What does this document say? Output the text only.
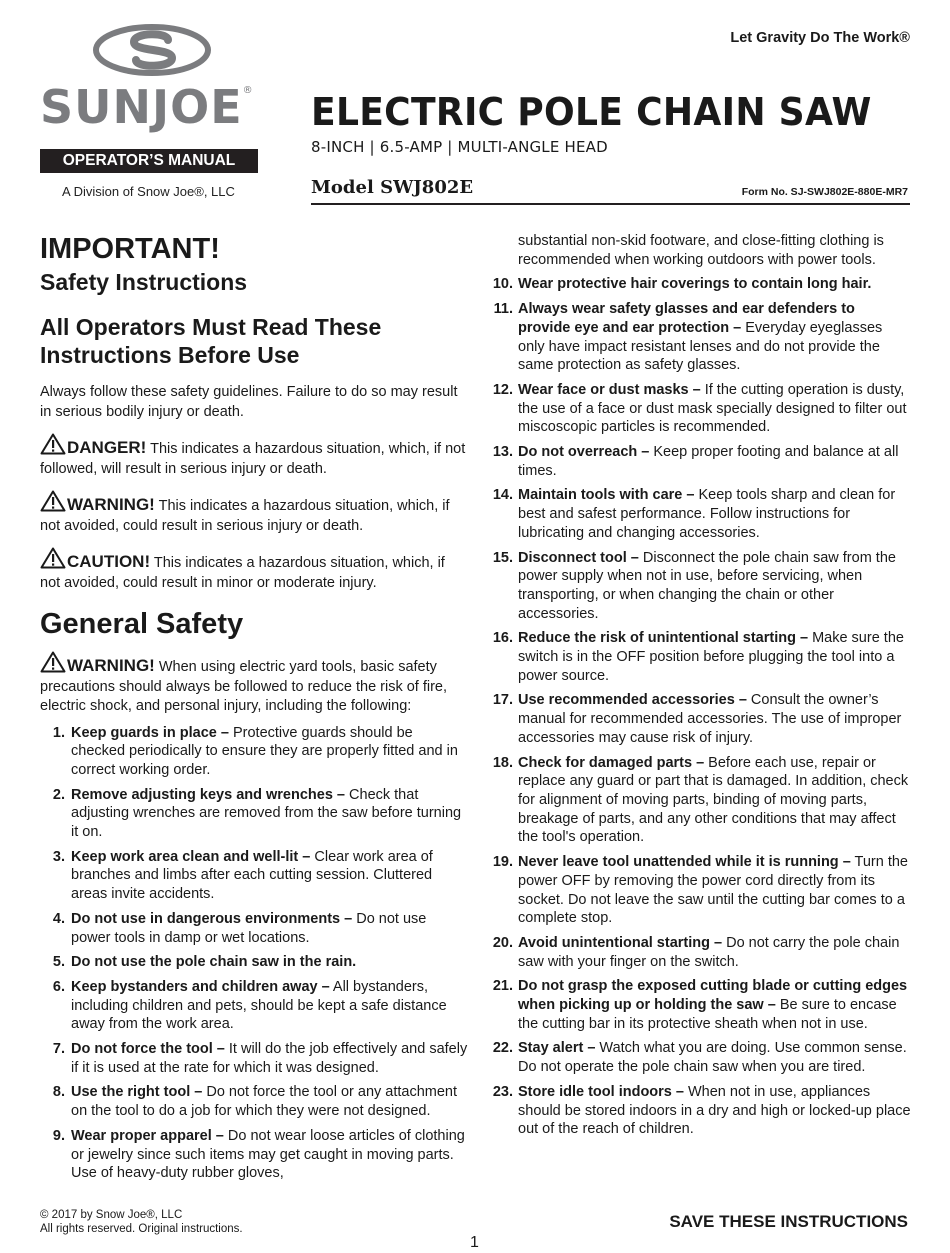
SUNJOE®
OPERATOR’S MANUAL
A Division of Snow Joe®, LLC
Let Gravity Do The Work®
ELECTRIC POLE CHAIN SAW
8-INCH | 6.5-AMP | MULTI-ANGLE HEAD
Model SWJ802E	Form No. SJ-SWJ802E-880E-MR7
IMPORTANT!
Safety Instructions
All Operators Must Read These Instructions Before Use

Always follow these safety guidelines. Failure to do so may result in serious bodily injury or death.

DANGER! This indicates a hazardous situation, which, if not followed, will result in serious injury or death.
WARNING! This indicates a hazardous situation, which, if not avoided, could result in serious injury or death.
CAUTION! This indicates a hazardous situation, which, if not avoided, could result in minor or moderate injury.
General Safety
WARNING! When using electric yard tools, basic safety precautions should always be followed to reduce the risk of fire, electric shock, and personal injury, including the following:
1. Keep guards in place – Protective guards should be checked periodically to ensure they are properly fitted and in correct working order.
2. Remove adjusting keys and wrenches – Check that adjusting wrenches are removed from the saw before turning it on.
3. Keep work area clean and well-lit – Clear work area of branches and limbs after each cutting session. Cluttered areas invite accidents.
4. Do not use in dangerous environments – Do not use power tools in damp or wet locations.
5. Do not use the pole chain saw in the rain.
6. Keep bystanders and children away – All bystanders, including children and pets, should be kept a safe distance away from the work area.
7. Do not force the tool – It will do the job effectively and safely if it is used at the rate for which it was designed.
8. Use the right tool – Do not force the tool or any attachment on the tool to do a job for which they were not designed.
9. Wear proper apparel – Do not wear loose articles of clothing or jewelry since such items may get caught in moving parts. Use of heavy-duty rubber gloves,

substantial non-skid footware, and close-fitting clothing is recommended when working outdoors with power tools.

10. Wear protective hair coverings to contain long hair.
11. Always wear safety glasses and ear defenders to provide eye and ear protection – Everyday eyeglasses only have impact resistant lenses and do not provide the same protection as safety glasses.
12. Wear face or dust masks – If the cutting operation is dusty, the use of a face or dust mask specially designed to filter out miscoscopic particles is recommended.
13. Do not overreach – Keep proper footing and balance at all times.
14. Maintain tools with care – Keep tools sharp and clean for best and safest performance. Follow instructions for lubricating and changing accessories.
15. Disconnect tool – Disconnect the pole chain saw from the power supply when not in use, before servicing, when transporting, or when changing the chain or other accessories.
16. Reduce the risk of unintentional starting – Make sure the switch is in the OFF position before plugging the tool into a power source.
17. Use recommended accessories – Consult the owner’s manual for recommended accessories. The use of improper accessories may cause risk of injury.
18. Check for damaged parts – Before each use, repair or replace any guard or part that is damaged. In addition, check for alignment of moving parts, binding of moving parts, breakage of parts, and any other conditions that may affect the tool's operation.
19. Never leave tool unattended while it is running – Turn the power OFF by removing the power cord directly from its socket. Do not leave the saw until the cutting bar comes to a complete stop.
20. Avoid unintentional starting – Do not carry the pole chain saw with your finger on the switch.
21. Do not grasp the exposed cutting blade or cutting edges when picking up or holding the saw – Be sure to encase the cutting bar in its protective sheath when not in use.
22. Stay alert – Watch what you are doing. Use common sense. Do not operate the pole chain saw when you are tired.
23. Store idle tool indoors – When not in use, appliances should be stored indoors in a dry and high or locked-up place out of the reach of children.
© 2017 by Snow Joe®, LLC
All rights reserved. Original instructions.	SAVE THESE INSTRUCTIONS
1
